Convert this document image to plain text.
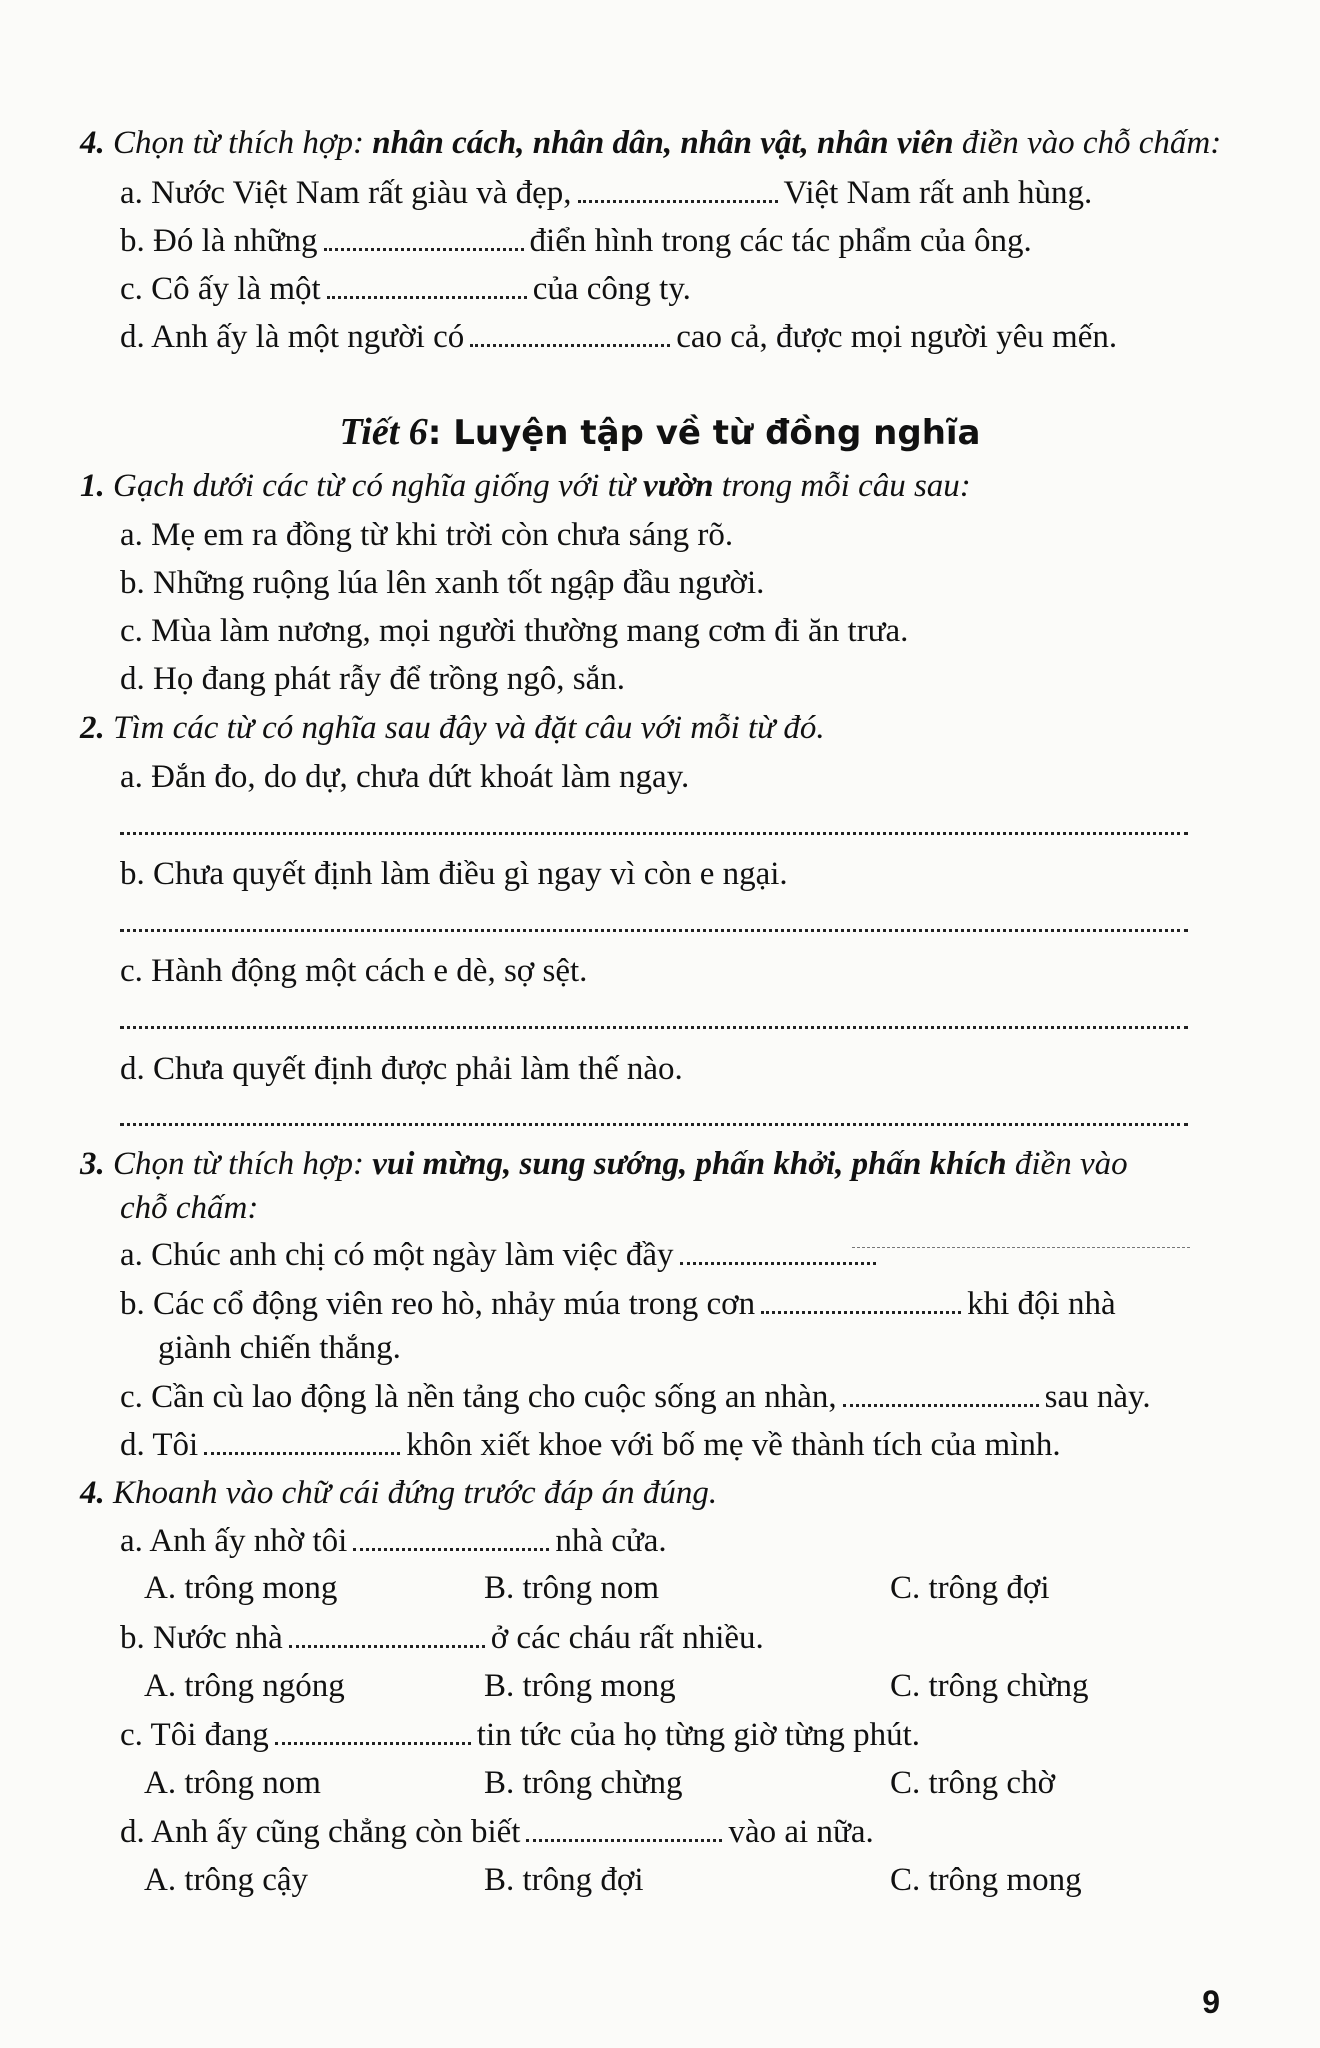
4. Chọn từ thích hợp: nhân cách, nhân dân, nhân vật, nhân viên điền vào chỗ chấm:
a. Nước Việt Nam rất giàu và đẹp,	Việt Nam rất anh hùng.
b. Đó là những	điển hình trong các tác phẩm của ông.
c. Cô ấy là một	của công ty.
d. Anh ấy là một người có	cao cả, được mọi người yêu mến.
Tiết 6: Luyện tập về từ đồng nghĩa
1. Gạch dưới các từ có nghĩa giống với từ vườn trong mỗi câu sau:
a. Mẹ em ra đồng từ khi trời còn chưa sáng rõ.
b. Những ruộng lúa lên xanh tốt ngập đầu người.
c. Mùa làm nương, mọi người thường mang cơm đi ăn trưa.
d. Họ đang phát rẫy để trồng ngô, sắn.
2. Tìm các từ có nghĩa sau đây và đặt câu với mỗi từ đó.
a. Đắn đo, do dự, chưa dứt khoát làm ngay.
b. Chưa quyết định làm điều gì ngay vì còn e ngại.
c. Hành động một cách e dè, sợ sệt.
d. Chưa quyết định được phải làm thế nào.
3. Chọn từ thích hợp: vui mừng, sung sướng, phấn khởi, phấn khích điền vào
chỗ chấm:
a. Chúc anh chị có một ngày làm việc đầy
b. Các cổ động viên reo hò, nhảy múa trong cơn	khi đội nhà
giành chiến thắng.
c. Cần cù lao động là nền tảng cho cuộc sống an nhàn,	sau này.
d. Tôi	khôn xiết khoe với bố mẹ về thành tích của mình.
4. Khoanh vào chữ cái đứng trước đáp án đúng.
a. Anh ấy nhờ tôi	nhà cửa.
A. trông mong	B. trông nom	C. trông đợi
b. Nước nhà	ở các cháu rất nhiều.
A. trông ngóng	B. trông mong	C. trông chừng
c. Tôi đang	tin tức của họ từng giờ từng phút.
A. trông nom	B. trông chừng	C. trông chờ
d. Anh ấy cũng chẳng còn biết	vào ai nữa.
A. trông cậy	B. trông đợi	C. trông mong
9
